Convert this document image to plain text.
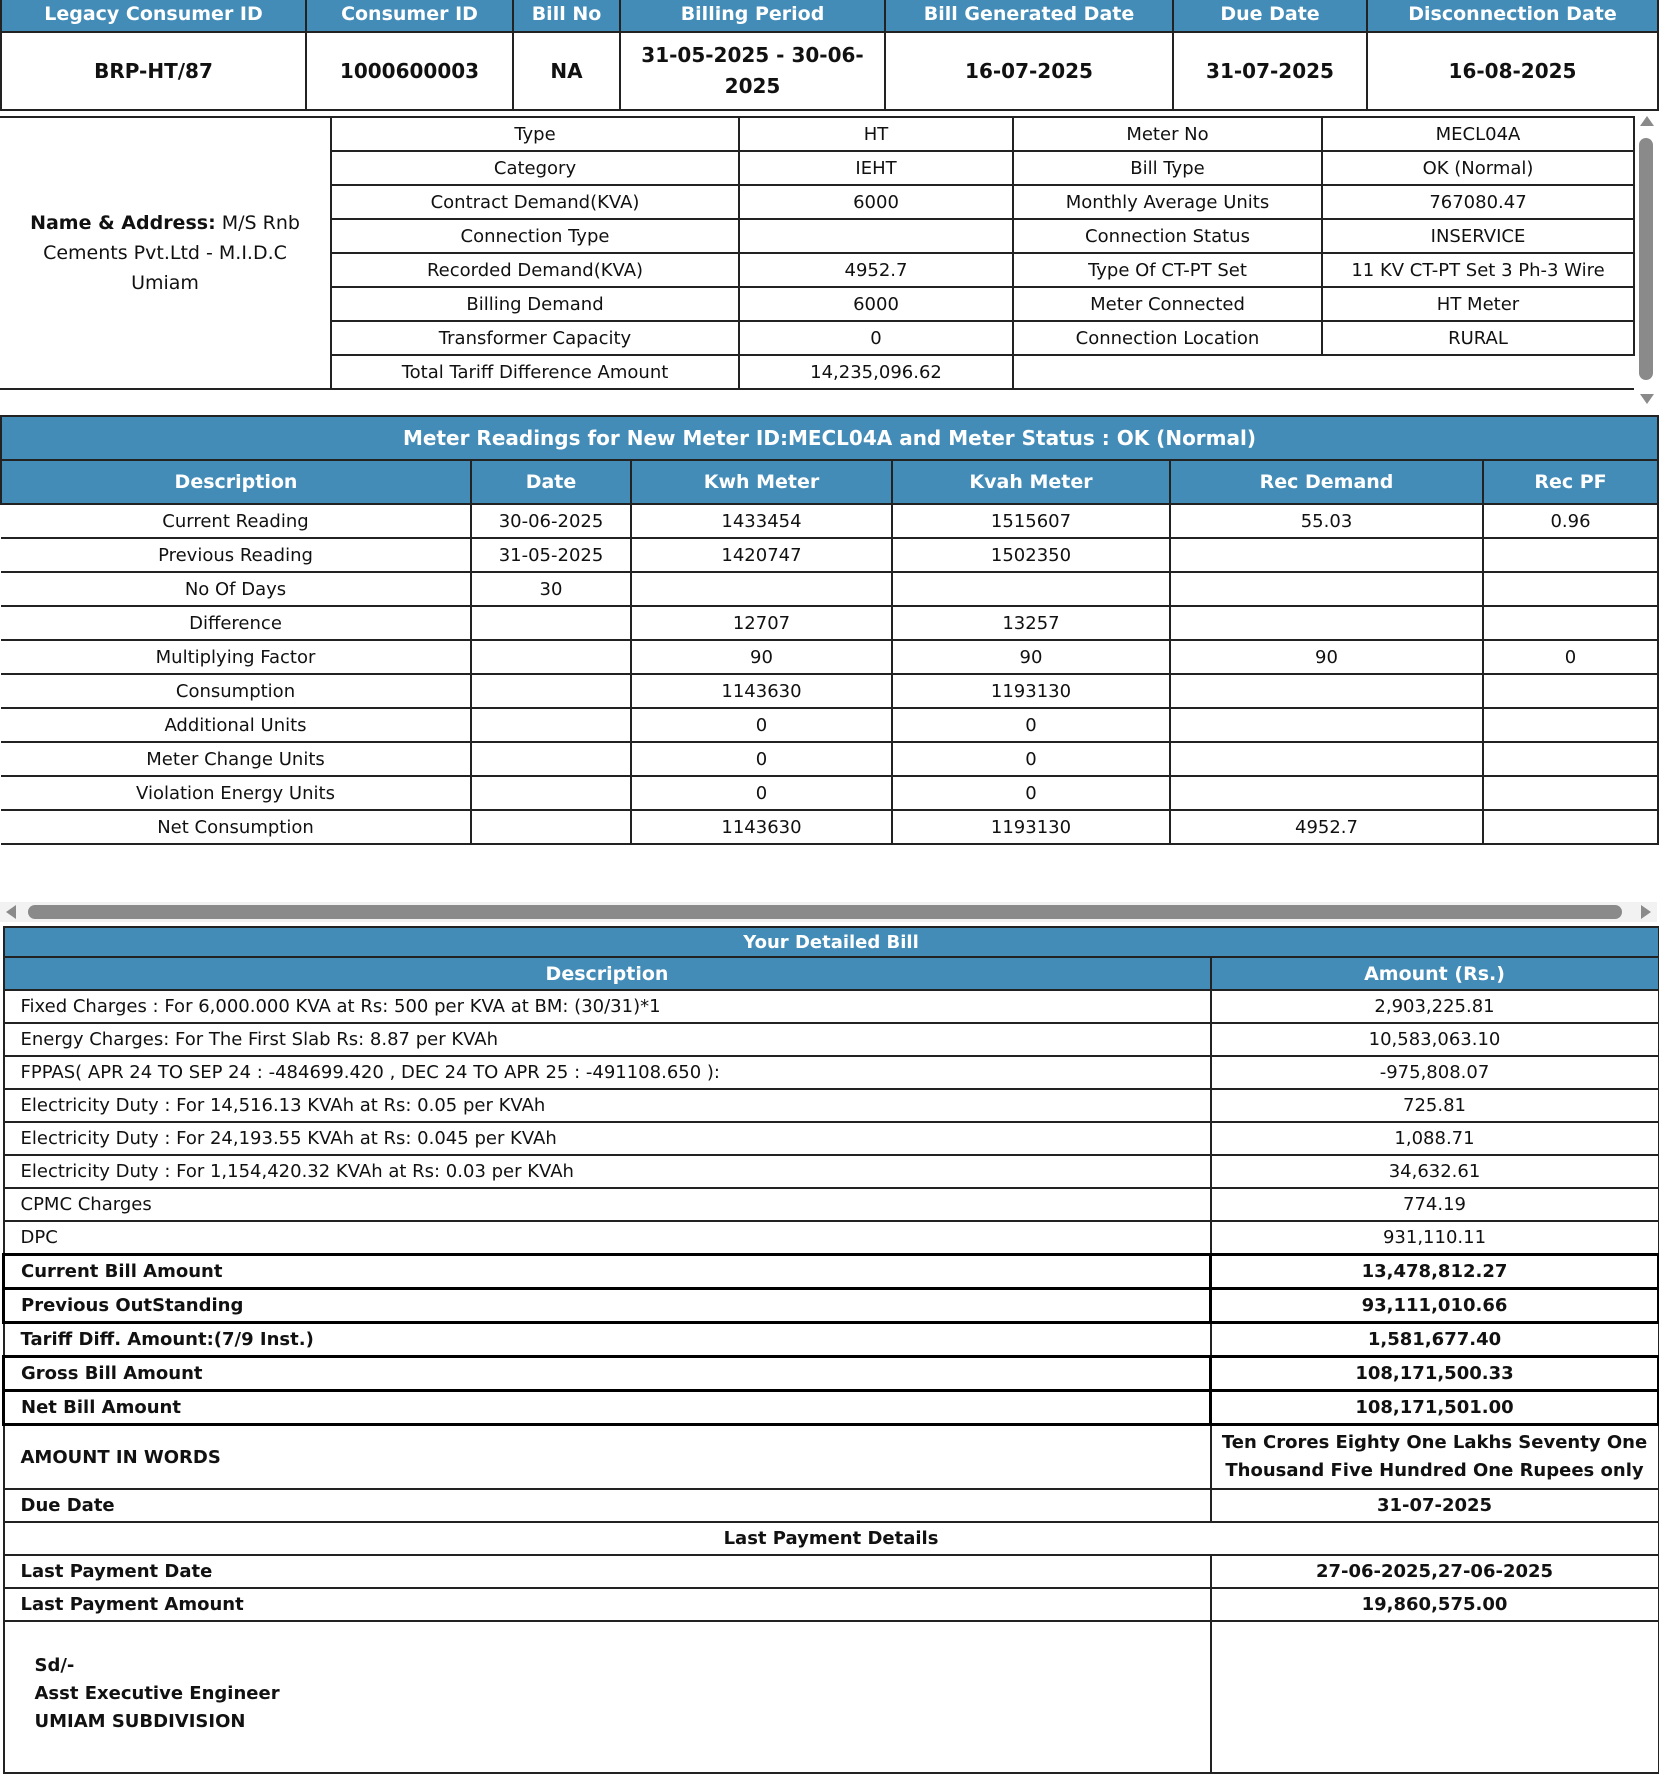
Legacy Consumer ID	Consumer ID	Bill No	Billing Period	Bill Generated Date	Due Date	Disconnection Date
BRP-HT/87	1000600003	NA	31-05-2025 - 30-06-2025	16-07-2025	31-07-2025	16-08-2025
Name & Address: M/S Rnb Cements Pvt.Ltd - M.I.D.C Umiam	Type	HT	Meter No	MECL04A
	Category	IEHT	Bill Type	OK (Normal)
	Contract Demand(KVA)	6000	Monthly Average Units	767080.47
	Connection Type		Connection Status	INSERVICE
	Recorded Demand(KVA)	4952.7	Type Of CT-PT Set	11 KV CT-PT Set 3 Ph-3 Wire
	Billing Demand	6000	Meter Connected	HT Meter
	Transformer Capacity	0	Connection Location	RURAL
	Total Tariff Difference Amount	14,235,096.62		
Meter Readings for New Meter ID:MECL04A and Meter Status : OK (Normal)					
Description	Date	Kwh Meter	Kvah Meter	Rec Demand	Rec PF
Current Reading	30-06-2025	1433454	1515607	55.03	0.96
Previous Reading	31-05-2025	1420747	1502350		
No Of Days	30				
Difference		12707	13257		
Multiplying Factor		90	90	90	0
Consumption		1143630	1193130		
Additional Units		0	0		
Meter Change Units		0	0		
Violation Energy Units		0	0		
Net Consumption		1143630	1193130	4952.7	
Your Detailed Bill	
Description	Amount (Rs.)
Fixed Charges : For 6,000.000 KVA at Rs: 500 per KVA at BM: (30/31)*1	2,903,225.81
Energy Charges: For The First Slab Rs: 8.87 per KVAh	10,583,063.10
FPPAS( APR 24 TO SEP 24 : -484699.420 , DEC 24 TO APR 25 : -491108.650 ):	-975,808.07
Electricity Duty : For 14,516.13 KVAh at Rs: 0.05 per KVAh	725.81
Electricity Duty : For 24,193.55 KVAh at Rs: 0.045 per KVAh	1,088.71
Electricity Duty : For 1,154,420.32 KVAh at Rs: 0.03 per KVAh	34,632.61
CPMC Charges	774.19
DPC	931,110.11
Current Bill Amount	13,478,812.27
Previous OutStanding	93,111,010.66
Tariff Diff. Amount:(7/9 Inst.)	1,581,677.40
Gross Bill Amount	108,171,500.33
Net Bill Amount	108,171,501.00
AMOUNT IN WORDS	Ten Crores Eighty One Lakhs Seventy One Thousand Five Hundred One Rupees only
Due Date	31-07-2025
Last Payment Details	
Last Payment Date	27-06-2025,27-06-2025
Last Payment Amount	19,860,575.00

Sd/-
Asst Executive Engineer
UMIAM SUBDIVISION	
